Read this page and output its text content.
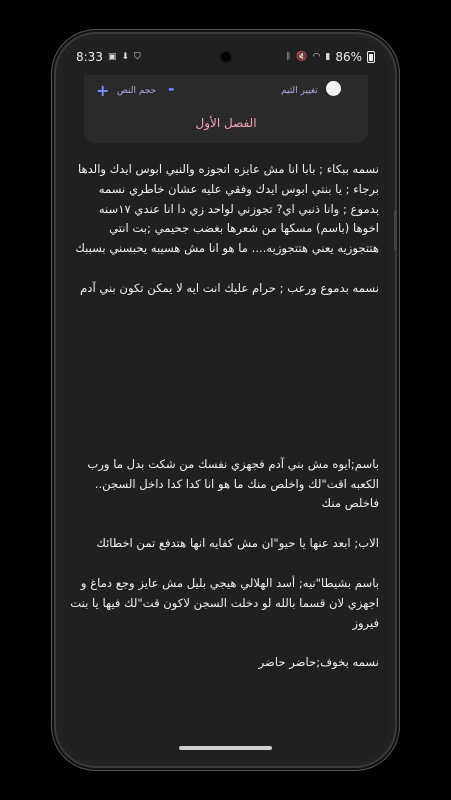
8:33 ▣ ⬇ ⛉	ᛒ 🔇 ◠ ▮ 86%
+ حجم النص -	تغيير الثيم
الفصل الأول

نسمه ببكاء ; بابا انا مش عايزه اتجوزه والنبي ابوس ايدك والدها برجاء ; يا بنتي ابوس ايدك وفقي عليه عشان خاطري نسمه بدموع ; وانا ذنبي اي? تجوزني لواحد زي دا انا عندي ١٧سنه

اخوها (باسم) مسكها من شعرها بغضب جحيمي ;بت انتي هتتجوزيه يعني هتتجوزيه.... ما هو انا مش هسيبه يحبسني بسببك

نسمه بدموع ورعب ; حرام عليك انت ايه لا يمكن تكون بني آدم

باسم;ايوه مش بني آدم فجهزي نفسك من شكت بدل ما ورب الكعبه اقت"لك واخلص منك ما هو انا كدا كدا داخل السجن.. فاخلص منك

الاب; ابعد عنها يا حيو"ان مش كفايه انها هتدفع تمن اخطائك

باسم بشيطا"نيه; أسد الهلالي هيجي بليل مش عايز وجع دماغ و اجهزي لان قسما بالله لو دخلت السجن لاكون قت"لك فيها يا بنت فيروز

نسمه بخوف;حاضر حاضر
